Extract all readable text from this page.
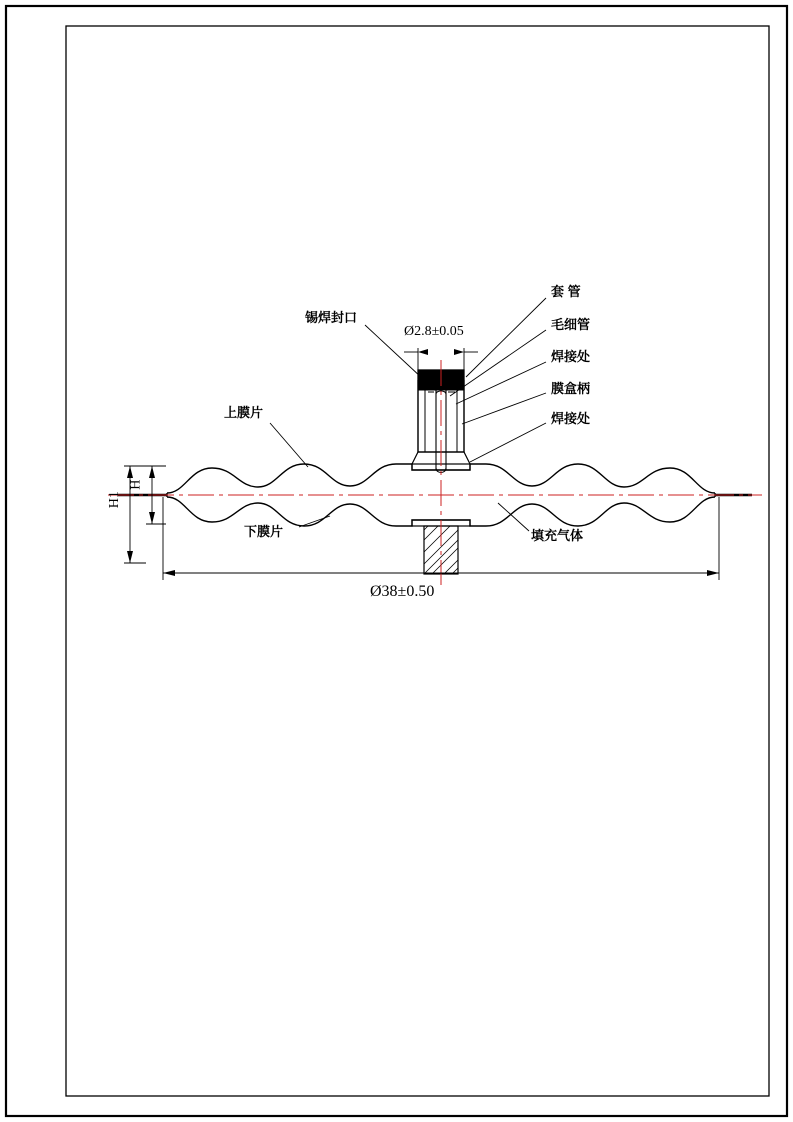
锡焊封口
套 管
毛细管
焊接处
膜盒柄
焊接处
上膜片
下膜片	填充气体
Ø2.8±0.05
Ø38±0.50
H
H1
